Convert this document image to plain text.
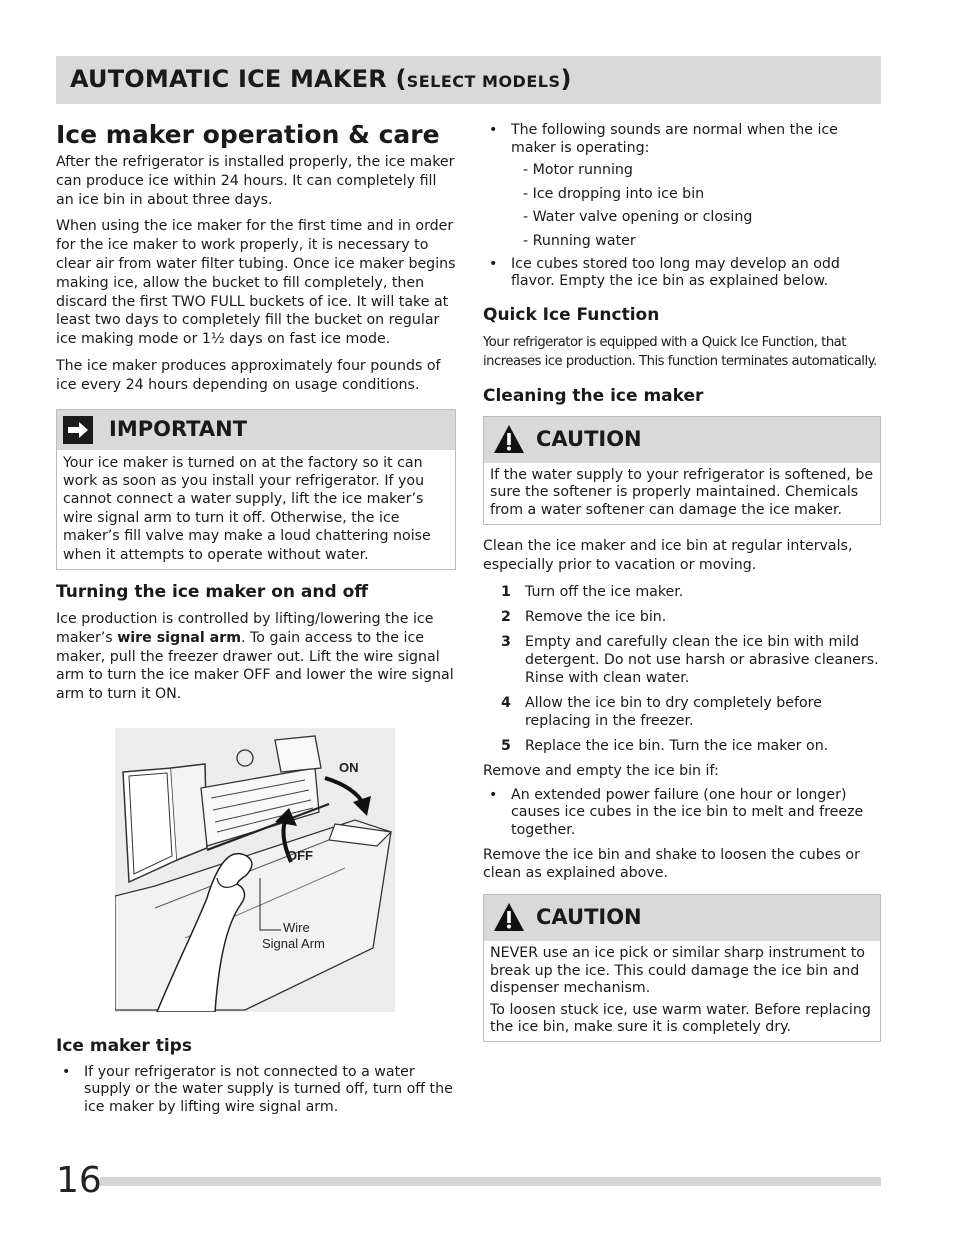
AUTOMATIC ICE MAKER (SELECT MODELS)
Ice maker operation & care

After the refrigerator is installed properly, the ice maker can produce ice within 24 hours. It can completely fill an ice bin in about three days.

When using the ice maker for the first time and in order for the ice maker to work properly, it is necessary to clear air from water filter tubing. Once ice maker begins making ice, allow the bucket to fill completely, then discard the first TWO FULL buckets of ice. It will take at least two days to completely fill the bucket on regular ice making mode or 1½ days on fast ice mode.

The ice maker produces approximately four pounds of ice every 24 hours depending on usage conditions.

IMPORTANT

Your ice maker is turned on at the factory so it can work as soon as you install your refrigerator. If you cannot connect a water supply, lift the ice maker’s wire signal arm to turn it off. Otherwise, the ice maker’s fill valve may make a loud chattering noise when it attempts to operate without water.

Turning the ice maker on and off

Ice production is controlled by lifting/lowering the ice maker’s wire signal arm. To gain access to the ice maker, pull the freezer drawer out. Lift the wire signal arm to turn the ice maker OFF and lower the wire signal arm to turn it ON.

ON
OFF
Wire
Signal Arm
Ice maker tips
• If your refrigerator is not connected to a water supply or the water supply is turned off, turn off the ice maker by lifting wire signal arm.
• The following sounds are normal when the ice maker is operating:
- Motor running
- Ice dropping into ice bin
- Water valve opening or closing
- Running water
• Ice cubes stored too long may develop an odd flavor. Empty the ice bin as explained below.
Quick Ice Function

Your refrigerator is equipped with a Quick Ice Function, that increases ice production. This function terminates automatically.

Cleaning the ice maker
CAUTION

If the water supply to your refrigerator is softened, be sure the softener is properly maintained. Chemicals from a water softener can damage the ice maker.

Clean the ice maker and ice bin at regular intervals, especially prior to vacation or moving.

1 Turn off the ice maker.
2 Remove the ice bin.
3 Empty and carefully clean the ice bin with mild detergent. Do not use harsh or abrasive cleaners. Rinse with clean water.
4 Allow the ice bin to dry completely before replacing in the freezer.
5 Replace the ice bin. Turn the ice maker on.

Remove and empty the ice bin if:

• An extended power failure (one hour or longer) causes ice cubes in the ice bin to melt and freeze together.

Remove the ice bin and shake to loosen the cubes or clean as explained above.

CAUTION

NEVER use an ice pick or similar sharp instrument to break up the ice. This could damage the ice bin and dispenser mechanism.

To loosen stuck ice, use warm water. Before replacing the ice bin, make sure it is completely dry.

16
